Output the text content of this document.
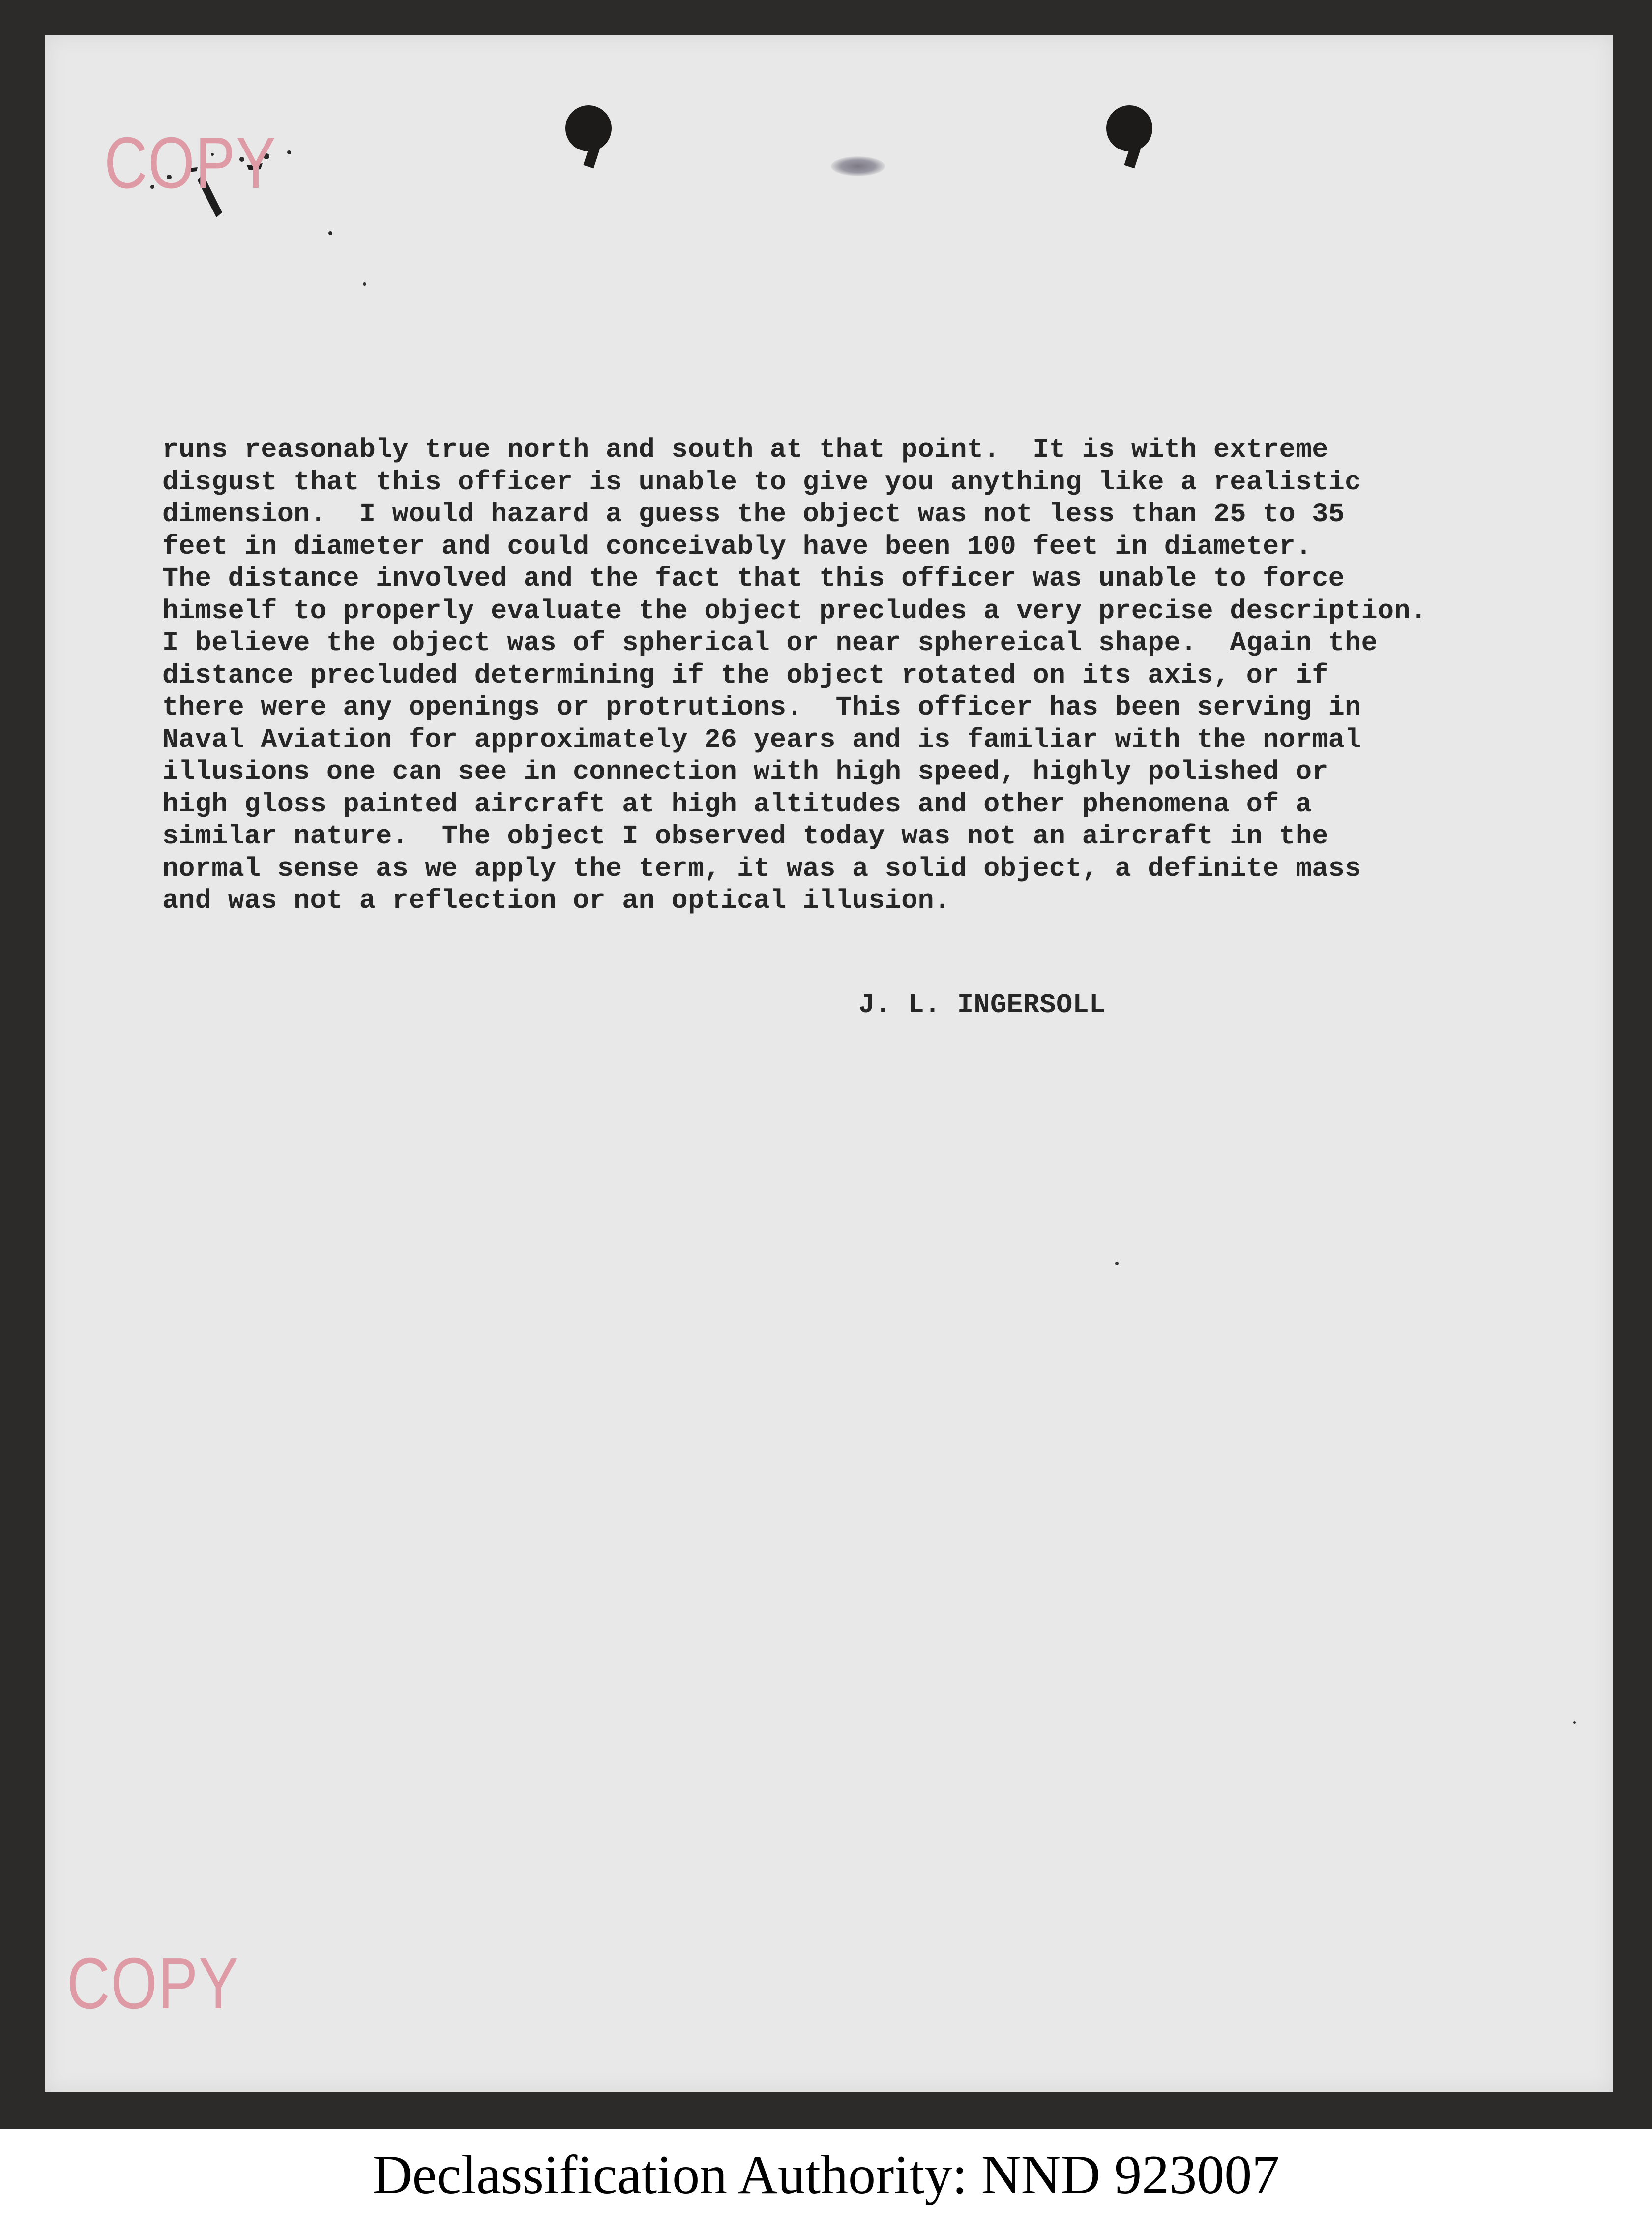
COPY
COPY
runs reasonably true north and south at that point.  It is with extreme
disgust that this officer is unable to give you anything like a realistic
dimension.  I would hazard a guess the object was not less than 25 to 35
feet in diameter and could conceivably have been 100 feet in diameter.
The distance involved and the fact that this officer was unable to force
himself to properly evaluate the object precludes a very precise description.
I believe the object was of spherical or near sphereical shape.  Again the
distance precluded determining if the object rotated on its axis, or if
there were any openings or protrutions.  This officer has been serving in
Naval Aviation for approximately 26 years and is familiar with the normal
illusions one can see in connection with high speed, highly polished or
high gloss painted aircraft at high altitudes and other phenomena of a
similar nature.  The object I observed today was not an aircraft in the
normal sense as we apply the term, it was a solid object, a definite mass
and was not a reflection or an optical illusion.
J. L. INGERSOLL
Declassification Authority: NND 923007
